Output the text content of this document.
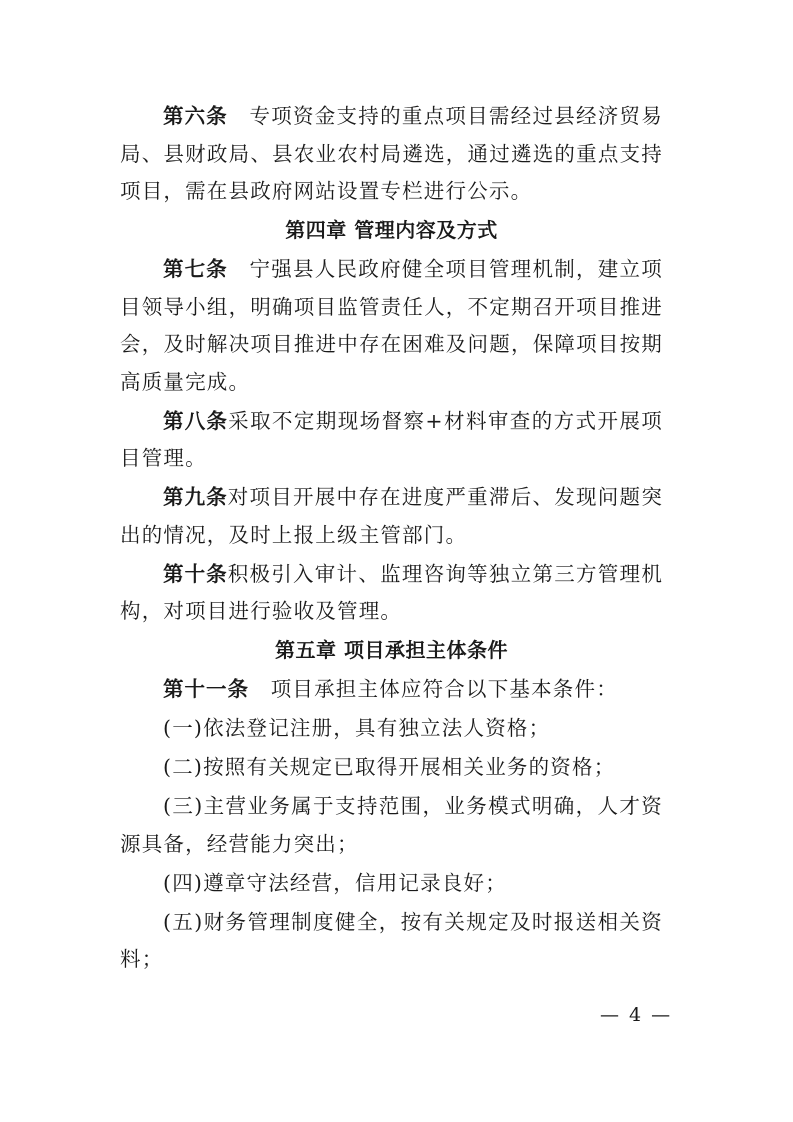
第六条  专项资金支持的重点项目需经过县经济贸易局、县财政局、县农业农村局遴选，通过遴选的重点支持项目，需在县政府网站设置专栏进行公示。

第四章 管理内容及方式

第七条  宁强县人民政府健全项目管理机制，建立项目领导小组，明确项目监管责任人，不定期召开项目推进会，及时解决项目推进中存在困难及问题，保障项目按期高质量完成。

第八条采取不定期现场督察+材料审查的方式开展项目管理。

第九条对项目开展中存在进度严重滞后、发现问题突出的情况，及时上报上级主管部门。

第十条积极引入审计、监理咨询等独立第三方管理机构，对项目进行验收及管理。

第五章 项目承担主体条件

第十一条  项目承担主体应符合以下基本条件：

(一)依法登记注册，具有独立法人资格；

(二)按照有关规定已取得开展相关业务的资格；

(三)主营业务属于支持范围，业务模式明确，人才资源具备，经营能力突出；

(四)遵章守法经营，信用记录良好；

(五)财务管理制度健全，按有关规定及时报送相关资料；

— 4 —
